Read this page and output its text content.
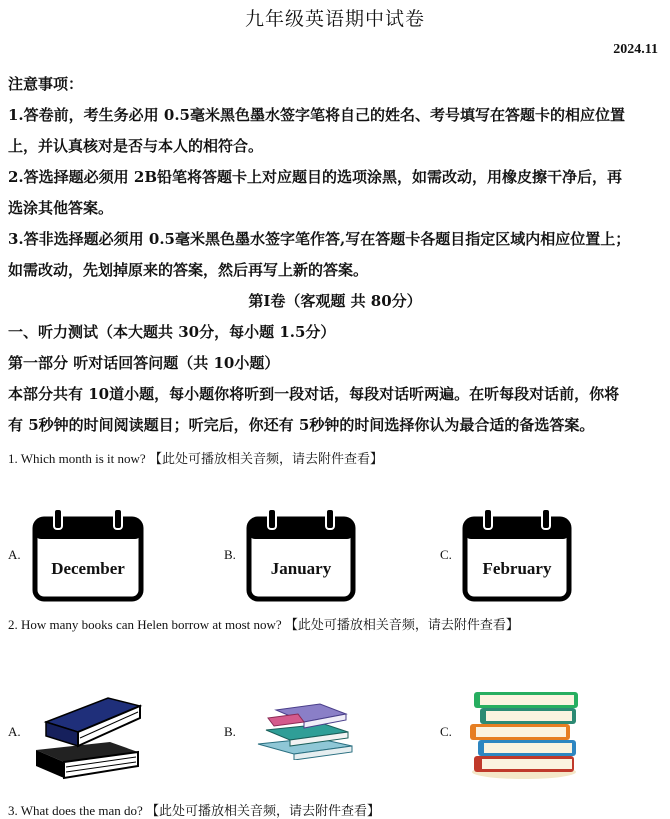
九年级英语期中试卷
2024.11
注意事项：
1.答卷前，考生务必用 0.5毫米黑色墨水签字笔将自己的姓名、考号填写在答题卡的相应位置
上，并认真核对是否与本人的相符合。
2.答选择题必须用 2B铅笔将答题卡上对应题目的选项涂黑，如需改动，用橡皮擦干净后，再
选涂其他答案。
3.答非选择题必须用 0.5毫米黑色墨水签字笔作答,写在答题卡各题目指定区域内相应位置上；
如需改动，先划掉原来的答案，然后再写上新的答案。
第Ⅰ卷（客观题 共 80分）
一、听力测试（本大题共 30分，每小题 1.5分）
第一部分 听对话回答问题（共 10小题）
本部分共有 10道小题，每小题你将听到一段对话，每段对话听两遍。在听每段对话前，你将
有 5秒钟的时间阅读题目；听完后，你还有 5秒钟的时间选择你认为最合适的备选答案。
1. Which month is it now? 【此处可播放相关音频，请去附件查看】
A.
December
B.
January
C.
February
2. How many books can Helen borrow at most now? 【此处可播放相关音频，请去附件查看】
A.	B.	C.
3. What does the man do? 【此处可播放相关音频，请去附件查看】
